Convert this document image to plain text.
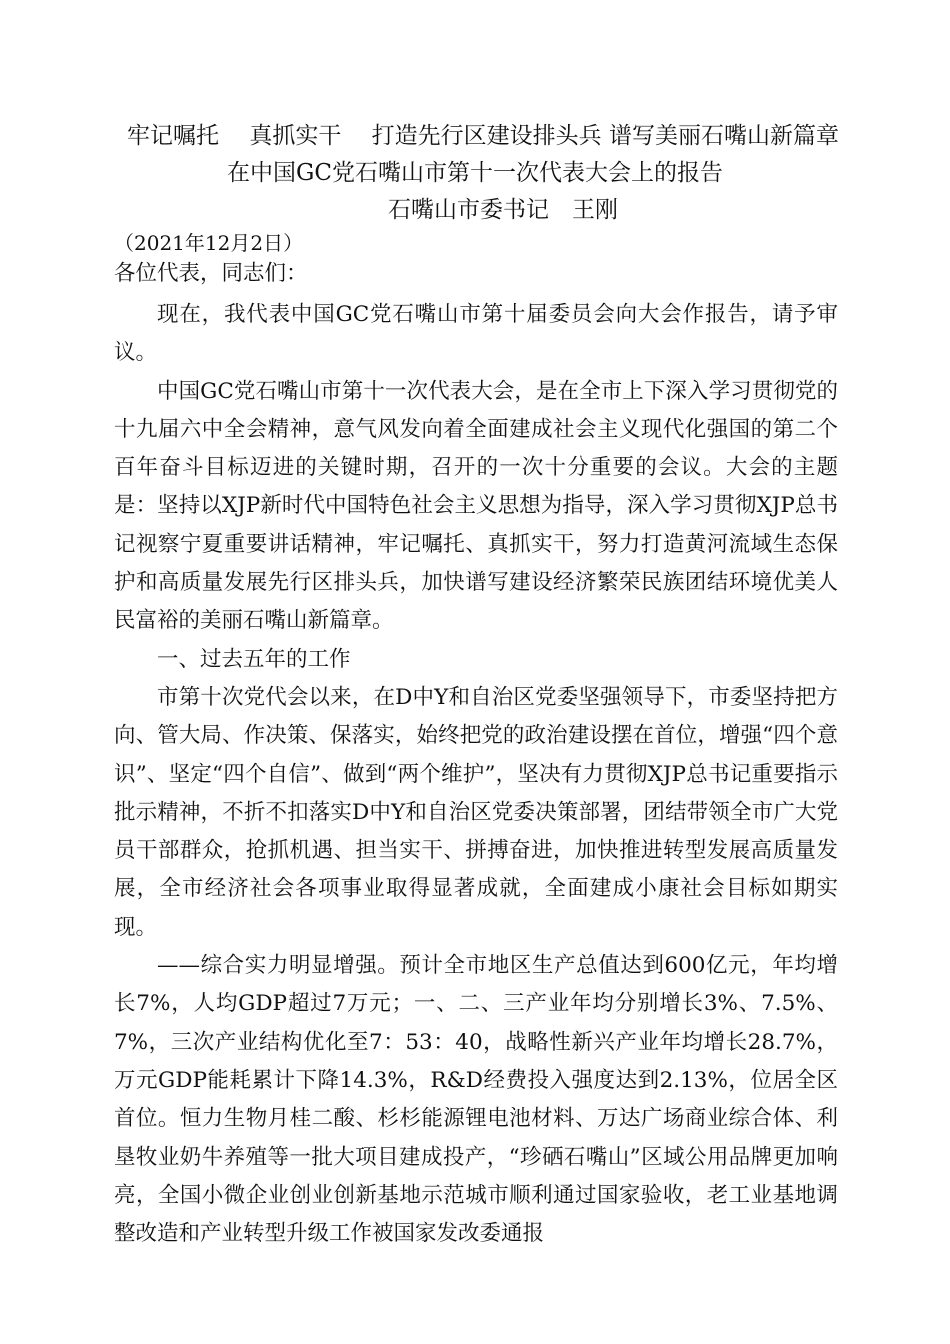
牢记嘱托　 真抓实干　 打造先行区建设排头兵 谱写美丽石嘴山新篇章
在中国GC党石嘴山市第十一次代表大会上的报告
石嘴山市委书记　王刚
（2021年12月2日）
各位代表，同志们：

现在，我代表中国GC党石嘴山市第十届委员会向大会作报告，请予审议。

中国GC党石嘴山市第十一次代表大会，是在全市上下深入学习贯彻党的十九届六中全会精神，意气风发向着全面建成社会主义现代化强国的第二个百年奋斗目标迈进的关键时期，召开的一次十分重要的会议。大会的主题是：坚持以XJP新时代中国特色社会主义思想为指导，深入学习贯彻XJP总书记视察宁夏重要讲话精神，牢记嘱托、真抓实干，努力打造黄河流域生态保护和高质量发展先行区排头兵，加快谱写建设经济繁荣民族团结环境优美人民富裕的美丽石嘴山新篇章。

一、过去五年的工作

市第十次党代会以来，在D中Y和自治区党委坚强领导下，市委坚持把方向、管大局、作决策、保落实，始终把党的政治建设摆在首位，增强“四个意识”、坚定“四个自信”、做到“两个维护”，坚决有力贯彻XJP总书记重要指示批示精神，不折不扣落实D中Y和自治区党委决策部署，团结带领全市广大党员干部群众，抢抓机遇、担当实干、拼搏奋进，加快推进转型发展高质量发展，全市经济社会各项事业取得显著成就，全面建成小康社会目标如期实现。

——综合实力明显增强。预计全市地区生产总值达到600亿元，年均增长7%，人均GDP超过7万元；一、二、三产业年均分别增长3%、7.5%、7%，三次产业结构优化至7：53：40，战略性新兴产业年均增长28.7%，万元GDP能耗累计下降14.3%，R&D经费投入强度达到2.13%，位居全区首位。恒力生物月桂二酸、杉杉能源锂电池材料、万达广场商业综合体、利垦牧业奶牛养殖等一批大项目建成投产，“珍硒石嘴山”区域公用品牌更加响亮，全国小微企业创业创新基地示范城市顺利通过国家验收，老工业基地调整改造和产业转型升级工作被国家发改委通报
